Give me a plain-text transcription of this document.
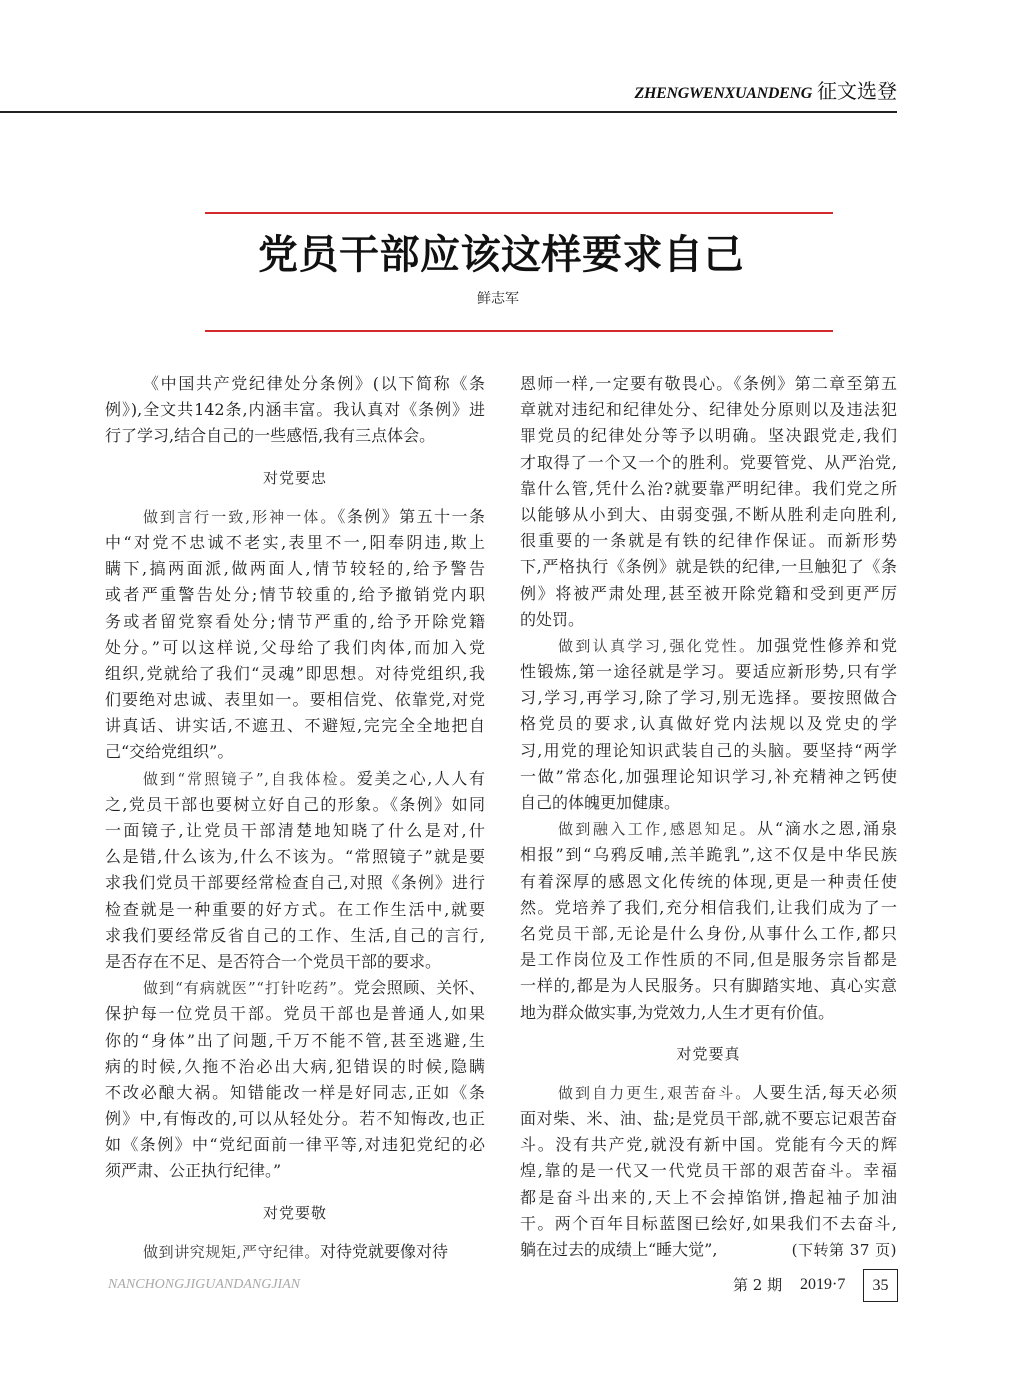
ZHENGWENXUANDENG 征文选登
党员干部应该这样要求自己
鲜志军
《中国共产党纪律处分条例》(以下简称《条
例》),全文共142条,内涵丰富。我认真对《条例》进
行了学习,结合自己的一些感悟,我有三点体会。
对党要忠
做到言行一致,形神一体。《条例》第五十一条
中“对党不忠诚不老实,表里不一,阳奉阴违,欺上
瞒下,搞两面派,做两面人,情节较轻的,给予警告
或者严重警告处分;情节较重的,给予撤销党内职
务或者留党察看处分;情节严重的,给予开除党籍
处分。”可以这样说,父母给了我们肉体,而加入党
组织,党就给了我们“灵魂”即思想。对待党组织,我
们要绝对忠诚、表里如一。要相信党、依靠党,对党
讲真话、讲实话,不遮丑、不避短,完完全全地把自
己“交给党组织”。
做到“常照镜子”,自我体检。爱美之心,人人有
之,党员干部也要树立好自己的形象。《条例》如同
一面镜子,让党员干部清楚地知晓了什么是对,什
么是错,什么该为,什么不该为。“常照镜子”就是要
求我们党员干部要经常检查自己,对照《条例》进行
检查就是一种重要的好方式。在工作生活中,就要
求我们要经常反省自己的工作、生活,自己的言行,
是否存在不足、是否符合一个党员干部的要求。
做到“有病就医”“打针吃药”。党会照顾、关怀、
保护每一位党员干部。党员干部也是普通人,如果
你的“身体”出了问题,千万不能不管,甚至逃避,生
病的时候,久拖不治必出大病,犯错误的时候,隐瞒
不改必酿大祸。知错能改一样是好同志,正如《条
例》中,有悔改的,可以从轻处分。若不知悔改,也正
如《条例》中“党纪面前一律平等,对违犯党纪的必
须严肃、公正执行纪律。”
对党要敬
做到讲究规矩,严守纪律。对待党就要像对待
恩师一样,一定要有敬畏心。《条例》第二章至第五
章就对违纪和纪律处分、纪律处分原则以及违法犯
罪党员的纪律处分等予以明确。坚决跟党走,我们
才取得了一个又一个的胜利。党要管党、从严治党,
靠什么管,凭什么治?就要靠严明纪律。我们党之所
以能够从小到大、由弱变强,不断从胜利走向胜利,
很重要的一条就是有铁的纪律作保证。而新形势
下,严格执行《条例》就是铁的纪律,一旦触犯了《条
例》将被严肃处理,甚至被开除党籍和受到更严厉
的处罚。
做到认真学习,强化党性。加强党性修养和党
性锻炼,第一途径就是学习。要适应新形势,只有学
习,学习,再学习,除了学习,别无选择。要按照做合
格党员的要求,认真做好党内法规以及党史的学
习,用党的理论知识武装自己的头脑。要坚持“两学
一做”常态化,加强理论知识学习,补充精神之钙使
自己的体魄更加健康。
做到融入工作,感恩知足。从“滴水之恩,涌泉
相报”到“乌鸦反哺,羔羊跪乳”,这不仅是中华民族
有着深厚的感恩文化传统的体现,更是一种责任使
然。党培养了我们,充分相信我们,让我们成为了一
名党员干部,无论是什么身份,从事什么工作,都只
是工作岗位及工作性质的不同,但是服务宗旨都是
一样的,都是为人民服务。只有脚踏实地、真心实意
地为群众做实事,为党效力,人生才更有价值。
对党要真
做到自力更生,艰苦奋斗。人要生活,每天必须
面对柴、米、油、盐;是党员干部,就不要忘记艰苦奋
斗。没有共产党,就没有新中国。党能有今天的辉
煌,靠的是一代又一代党员干部的艰苦奋斗。幸福
都是奋斗出来的,天上不会掉馅饼,撸起袖子加油
干。两个百年目标蓝图已绘好,如果我们不去奋斗,
(下转第 37 页)
躺在过去的成绩上“睡大觉”,
NANCHONGJIGUANDANGJIAN	第 2 期 2019·7	35
